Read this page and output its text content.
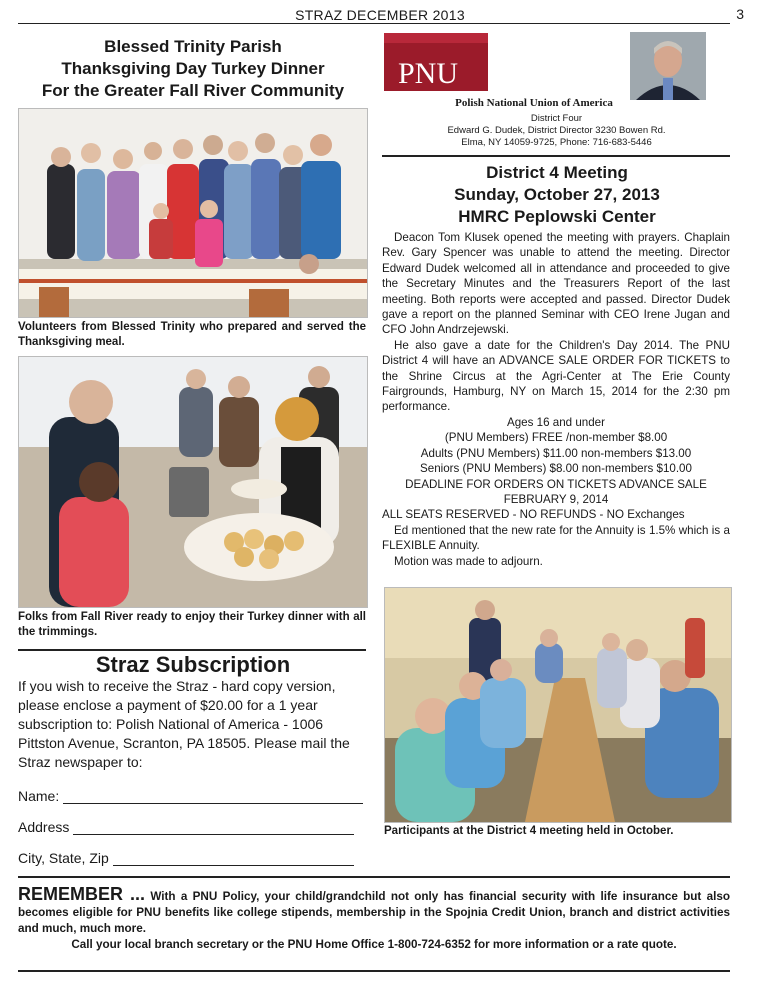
STRAZ DECEMBER 2013	3
Blessed Trinity Parish
Thanksgiving Day Turkey Dinner
For the Greater Fall River Community
Volunteers from Blessed Trinity who prepared and served the Thanksgiving meal.
Folks from Fall River ready to enjoy their Turkey dinner with all the trimmings.
PNU
Polish National Union of America
District Four
Edward G. Dudek, District Director 3230 Bowen Rd.
Elma, NY 14059-9725, Phone: 716-683-5446
District 4 Meeting
Sunday, October 27, 2013
HMRC Peplowski Center

Deacon Tom Klusek opened the meeting with prayers. Chaplain Rev. Gary Spencer was unable to attend the meeting. Director Edward Dudek welcomed all in attendance and proceeded to give the Secretary Minutes and the Treasurers Report of the last meeting. Both reports were accepted and passed. Director Dudek gave a report on the planned Seminar with CEO Irene Jugan and CFO John Andrzejewski.

He also gave a date for the Children's Day 2014. The PNU District 4 will have an ADVANCE SALE ORDER FOR TICKETS to the Shrine Circus at the Agri-Center at The Erie County Fairgrounds, Hamburg, NY on March 15, 2014 for the 2:30 pm performance.

Ages 16 and under

(PNU Members) FREE /non-member $8.00

Adults (PNU Members) $11.00 non-members $13.00

Seniors (PNU Members) $8.00 non-members $10.00

DEADLINE FOR ORDERS ON TICKETS ADVANCE SALE

FEBRUARY 9, 2014

ALL SEATS RESERVED - NO REFUNDS - NO Exchanges

Ed mentioned that the new rate for the Annuity is 1.5% which is a FLEXIBLE Annuity.

Motion was made to adjourn.

Participants at the District 4 meeting held in October.
Straz Subscription
If you wish to receive the Straz - hard copy version, please enclose a payment of $20.00 for a 1 year subscription to: Polish National of America - 1006 Pittston Avenue, Scranton, PA 18505. Please mail the Straz newspaper to:
Name:
Address
City, State, Zip
REMEMBER ... With a PNU Policy, your child/grandchild not only has financial security with life insurance but also becomes eligible for PNU benefits like college stipends, membership in the Spojnia Credit Union, branch and district activities and much, much more.
Call your local branch secretary or the PNU Home Office 1-800-724-6352 for more information or a rate quote.
